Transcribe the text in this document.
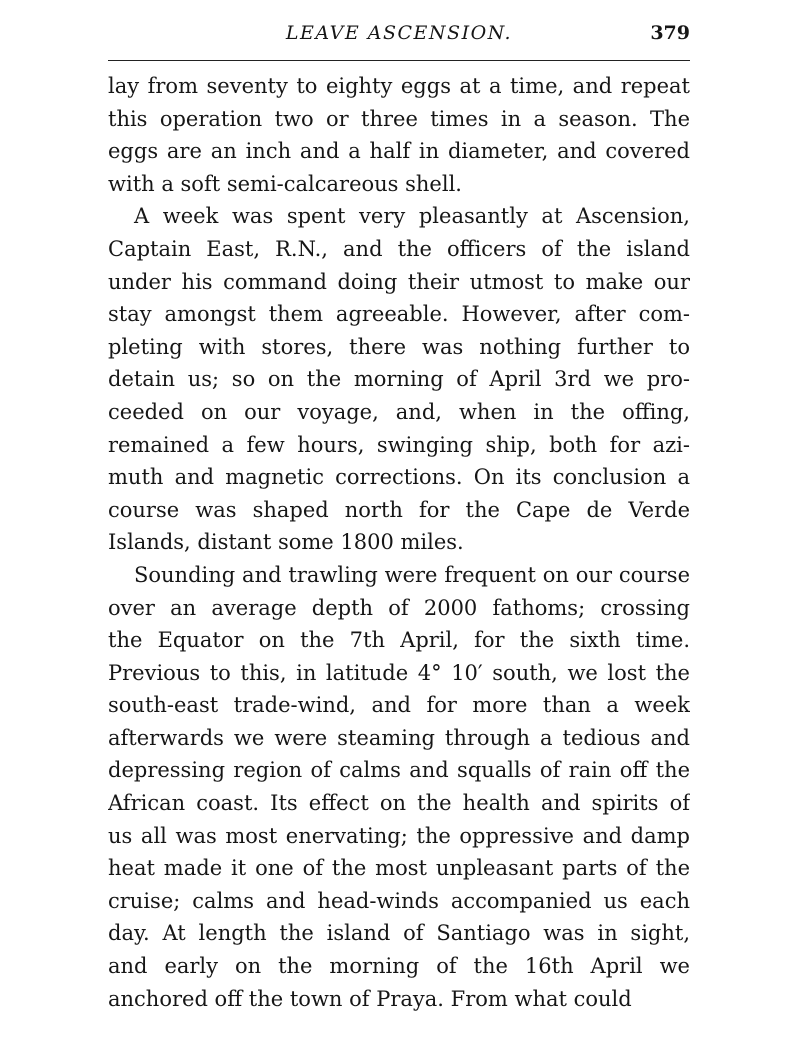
LEAVE ASCENSION.	379
lay from seventy to eighty eggs at a time, and repeat
this operation two or three times in a season. The
eggs are an inch and a half in diameter, and covered
with a soft semi-calcareous shell.
A week was spent very pleasantly at Ascension,
Captain East, R.N., and the officers of the island
under his command doing their utmost to make our
stay amongst them agreeable. However, after com-
pleting with stores, there was nothing further to
detain us; so on the morning of April 3rd we pro-
ceeded on our voyage, and, when in the offing,
remained a few hours, swinging ship, both for azi-
muth and magnetic corrections. On its conclusion a
course was shaped north for the Cape de Verde
Islands, distant some 1800 miles.
Sounding and trawling were frequent on our course
over an average depth of 2000 fathoms; crossing
the Equator on the 7th April, for the sixth time.
Previous to this, in latitude 4° 10′ south, we lost the
south-east trade-wind, and for more than a week
afterwards we were steaming through a tedious and
depressing region of calms and squalls of rain off the
African coast. Its effect on the health and spirits of
us all was most enervating; the oppressive and damp
heat made it one of the most unpleasant parts of the
cruise; calms and head-winds accompanied us each
day. At length the island of Santiago was in sight,
and early on the morning of the 16th April we
anchored off the town of Praya. From what could
